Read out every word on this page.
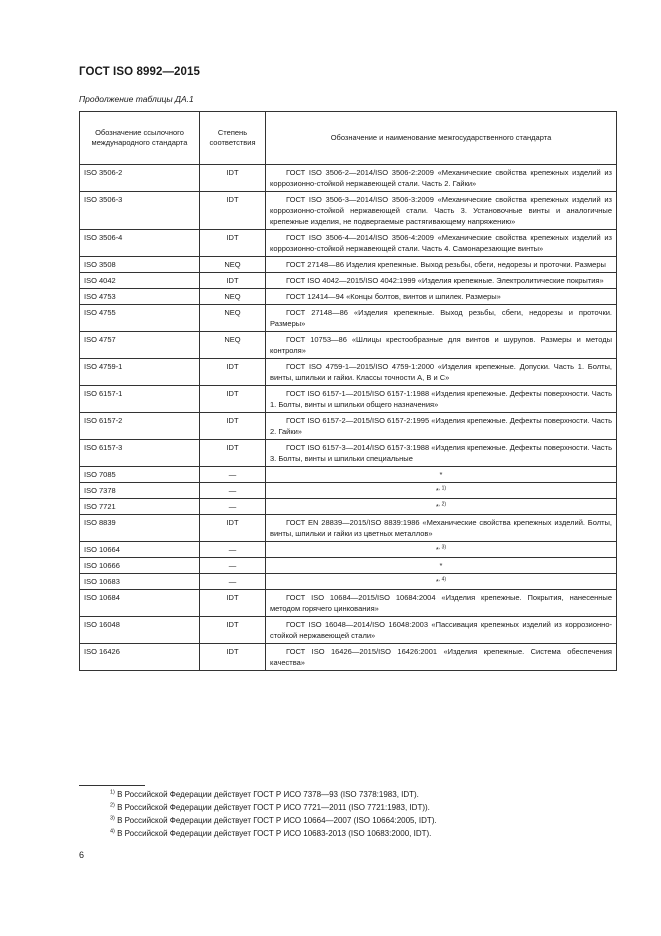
ГОСТ ISO 8992—2015
Продолжение таблицы ДА.1
Обозначение ссылочного международного стандарта	Степень соответствия	Обозначение и наименование межгосударственного стандарта
ISO 3506-2	IDT	ГОСТ ISO 3506-2—2014/ISO 3506-2:2009 «Механические свойства крепежных изделий из коррозионно-стойкой нержавеющей стали. Часть 2. Гайки»
ISO 3506-3	IDT	ГОСТ ISO 3506-3—2014/ISO 3506-3:2009 «Механические свойства крепежных изделий из коррозионно-стойкой нержавеющей стали. Часть 3. Установочные винты и аналогичные крепежные изделия, не подвергаемые растягивающему напряжению»
ISO 3506-4	IDT	ГОСТ ISO 3506-4—2014/ISO 3506-4:2009 «Механические свойства крепежных изделий из коррозионно-стойкой нержавеющей стали. Часть 4. Самонарезающие винты»
ISO 3508	NEQ	ГОСТ 27148—86 Изделия крепежные. Выход резьбы, сбеги, недорезы и проточки. Размеры
ISO 4042	IDT	ГОСТ ISO 4042—2015/ISO 4042:1999 «Изделия крепежные. Электролитические покрытия»
ISO 4753	NEQ	ГОСТ 12414—94 «Концы болтов, винтов и шпилек. Размеры»
ISO 4755	NEQ	ГОСТ 27148—86 «Изделия крепежные. Выход резьбы, сбеги, недорезы и проточки. Размеры»
ISO 4757	NEQ	ГОСТ 10753—86 «Шлицы крестообразные для винтов и шурупов. Размеры и методы контроля»
ISO 4759-1	IDT	ГОСТ ISO 4759-1—2015/ISO 4759-1:2000 «Изделия крепежные. Допуски. Часть 1. Болты, винты, шпильки и гайки. Классы точности А, В и С»
ISO 6157-1	IDT	ГОСТ ISO 6157-1—2015/ISO 6157-1:1988 «Изделия крепежные. Дефекты поверхности. Часть 1. Болты, винты и шпильки общего назначения»
ISO 6157-2	IDT	ГОСТ ISO 6157-2—2015/ISO 6157-2:1995 «Изделия крепежные. Дефекты поверхности. Часть 2. Гайки»
ISO 6157-3	IDT	ГОСТ ISO 6157-3—2014/ISO 6157-3:1988 «Изделия крепежные. Дефекты поверхности. Часть 3. Болты, винты и шпильки специальные
ISO 7085	—	*
ISO 7378	—	*$^{, 1)}$
ISO 7721	—	*$^{, 2)}$
ISO 8839	IDT	ГОСТ EN 28839—2015/ISO 8839:1986 «Механические свойства крепежных изделий. Болты, винты, шпильки и гайки из цветных металлов»
ISO 10664	—	*$^{, 3)}$
ISO 10666	—	*
ISO 10683	—	*$^{, 4)}$
ISO 10684	IDT	ГОСТ ISO 10684—2015/ISO 10684:2004 «Изделия крепежные. Покрытия, нанесенные методом горячего цинкования»
ISO 16048	IDT	ГОСТ ISO 16048—2014/ISO 16048:2003 «Пассивация крепежных изделий из коррозионно-стойкой нержавеющей стали»
ISO 16426	IDT	ГОСТ ISO 16426—2015/ISO 16426:2001 «Изделия крепежные. Система обеспечения качества»
$^{1)}$ В Российской Федерации действует ГОСТ Р ИСО 7378—93 (ISO 7378:1983, IDT).
$^{2)}$ В Российской Федерации действует ГОСТ Р ИСО 7721—2011 (ISO 7721:1983, IDT)).
$^{3)}$ В Российской Федерации действует ГОСТ Р ИСО 10664—2007 (ISO 10664:2005, IDT).
$^{4)}$ В Российской Федерации действует ГОСТ Р ИСО 10683-2013 (ISO 10683:2000, IDT).
6
